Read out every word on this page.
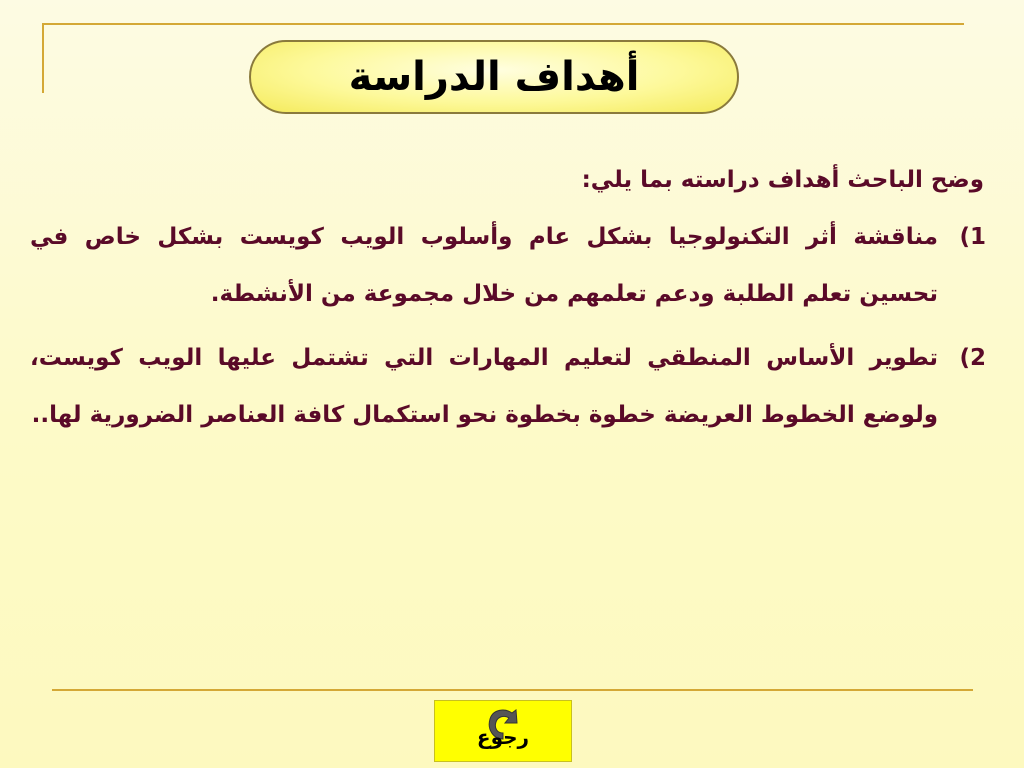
أهداف الدراسة

وضح الباحث أهداف دراسته بما يلي:

1)
مناقشة أثر التكنولوجيا بشكل عام وأسلوب الويب كويست بشكل خاص في تحسين تعلم الطلبة ودعم تعلمهم من خلال مجموعة من الأنشطة.
2)
تطوير الأساس المنطقي لتعليم المهارات التي تشتمل عليها الويب كويست، ولوضع الخطوط العريضة خطوة بخطوة نحو استكمال كافة العناصر الضرورية لها..
رجوع
